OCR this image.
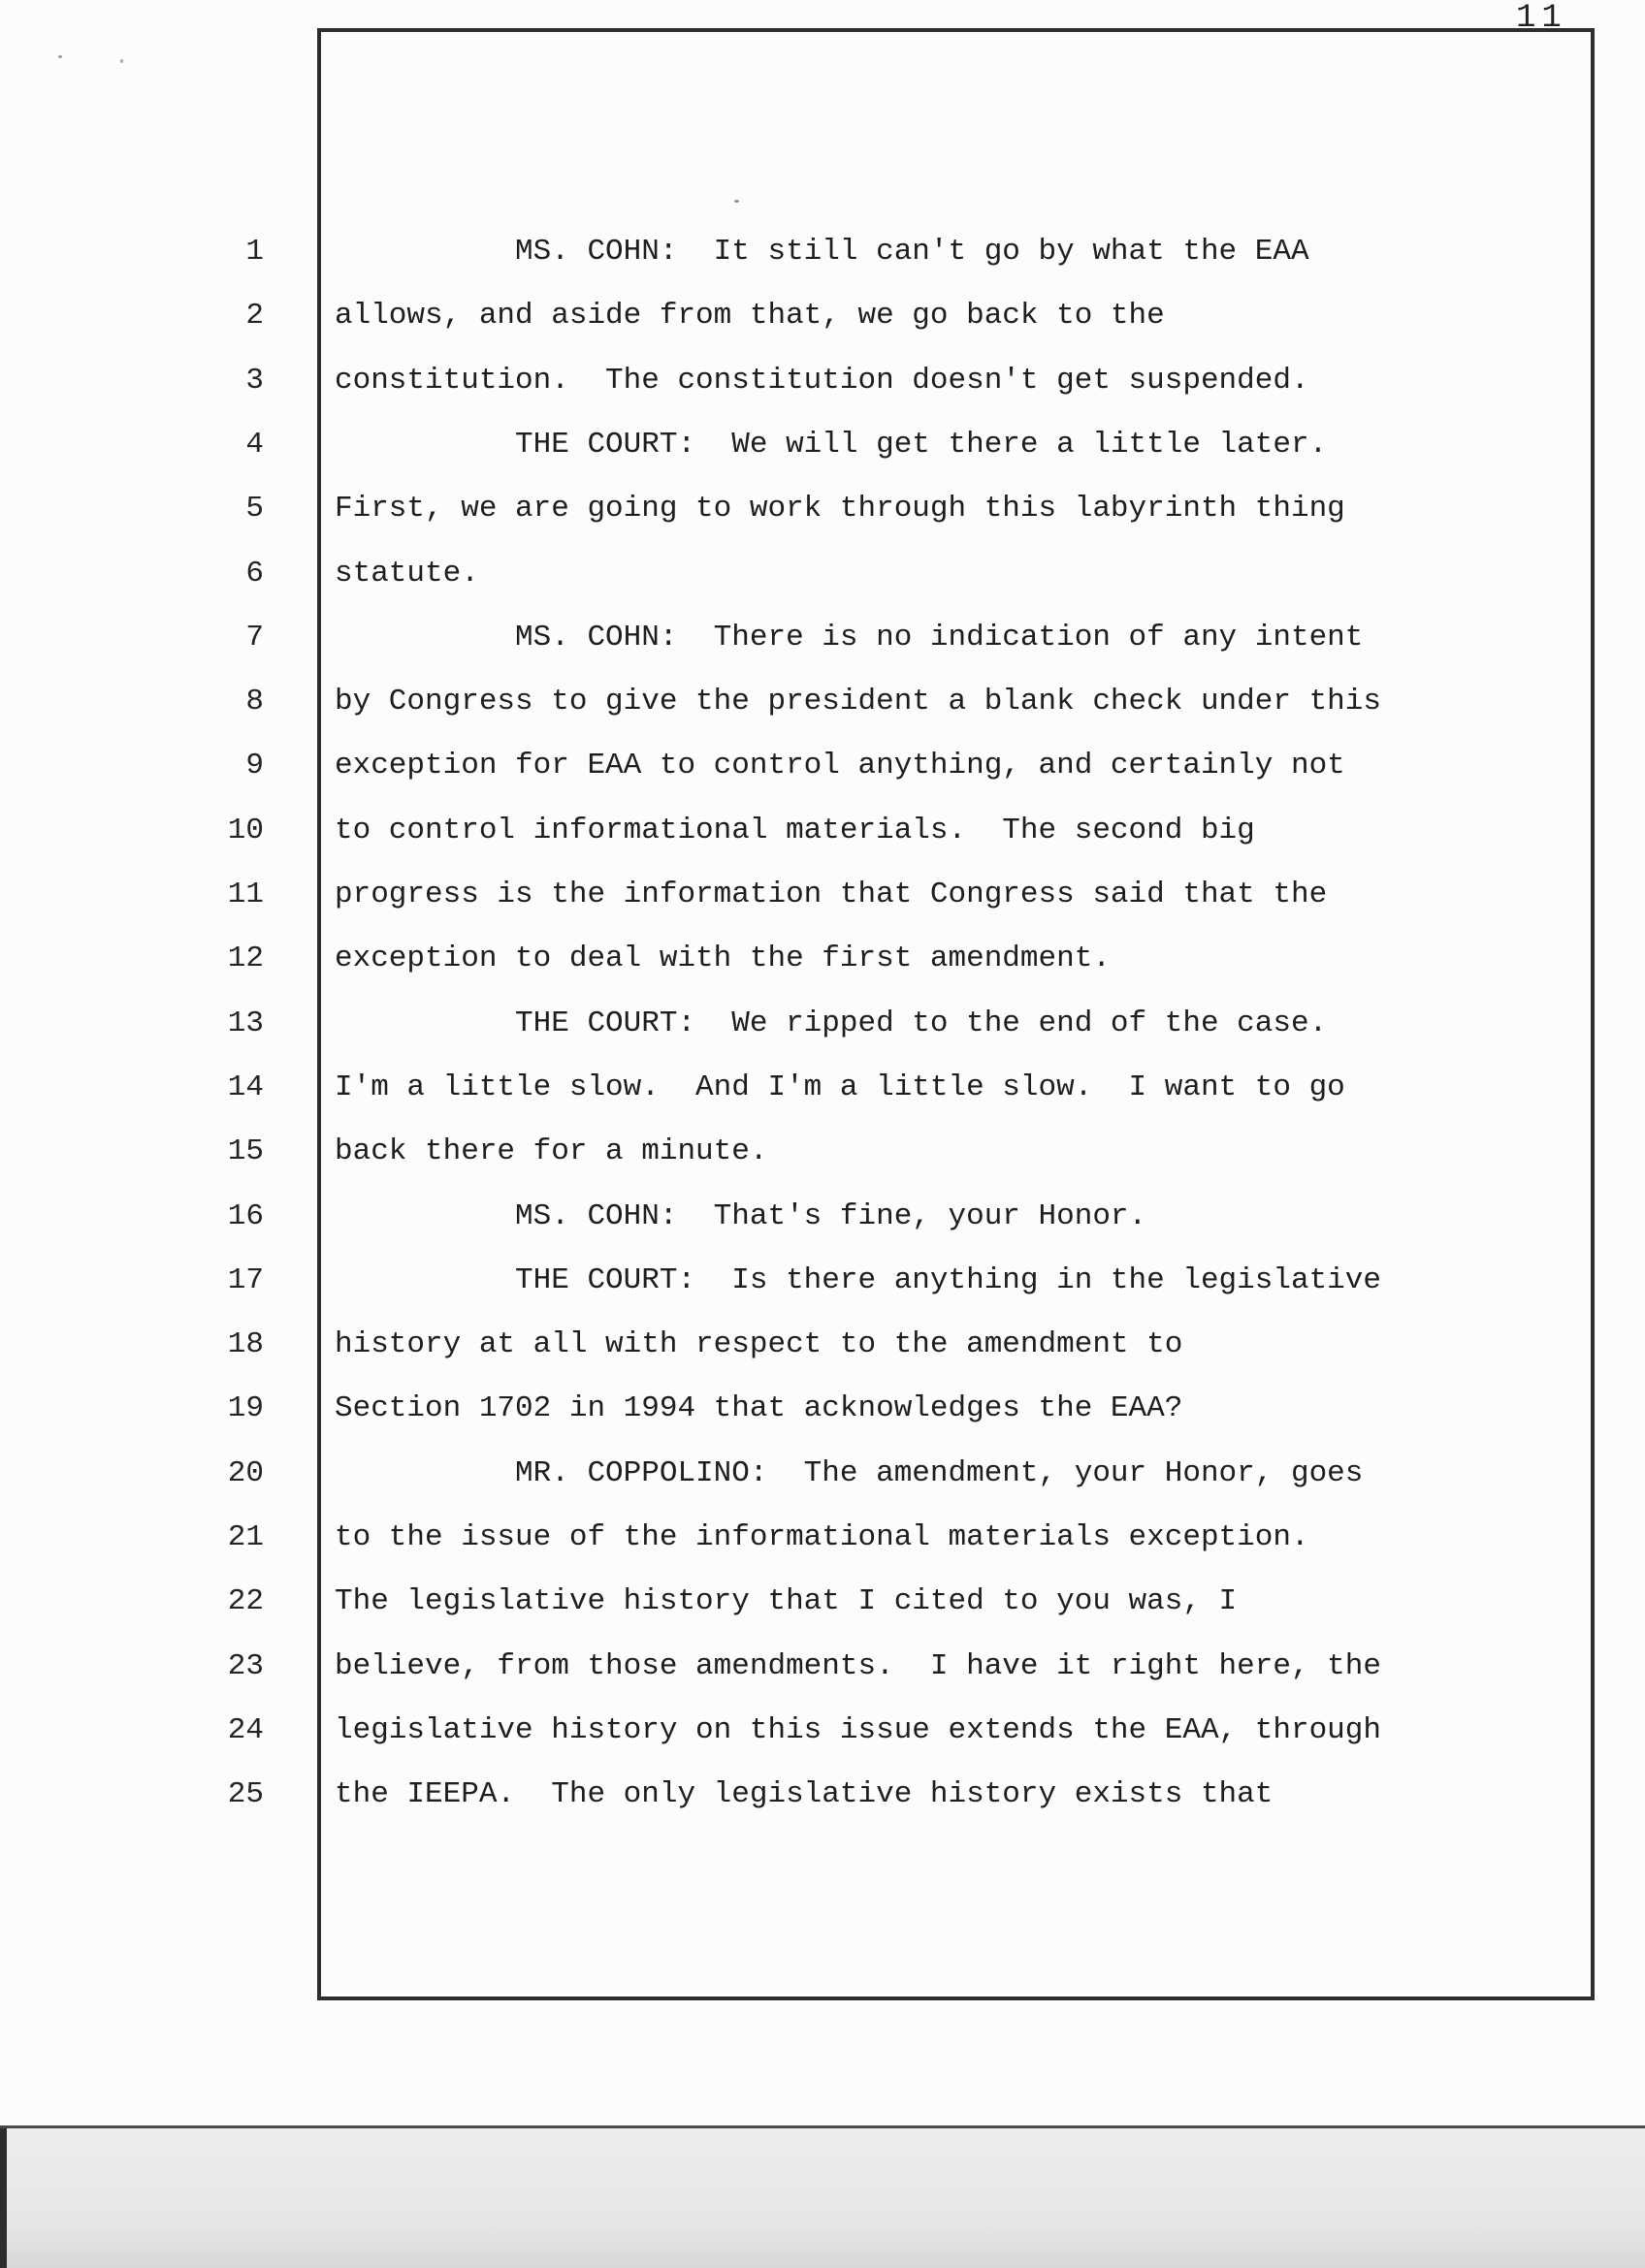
11
1 MS. COHN:  It still can't go by what the EAA
2 allows, and aside from that, we go back to the
3 constitution.  The constitution doesn't get suspended.
4 THE COURT:  We will get there a little later.
5 First, we are going to work through this labyrinth thing
6 statute.
7 MS. COHN:  There is no indication of any intent
8 by Congress to give the president a blank check under this
9 exception for EAA to control anything, and certainly not
10 to control informational materials.  The second big
11 progress is the information that Congress said that the
12 exception to deal with the first amendment.
13 THE COURT:  We ripped to the end of the case.
14 I'm a little slow.  And I'm a little slow.  I want to go
15 back there for a minute.
16 MS. COHN:  That's fine, your Honor.
17 THE COURT:  Is there anything in the legislative
18 history at all with respect to the amendment to
19 Section 1702 in 1994 that acknowledges the EAA?
20 MR. COPPOLINO:  The amendment, your Honor, goes
21 to the issue of the informational materials exception.
22 The legislative history that I cited to you was, I
23 believe, from those amendments.  I have it right here, the
24 legislative history on this issue extends the EAA, through
25 the IEEPA.  The only legislative history exists that
